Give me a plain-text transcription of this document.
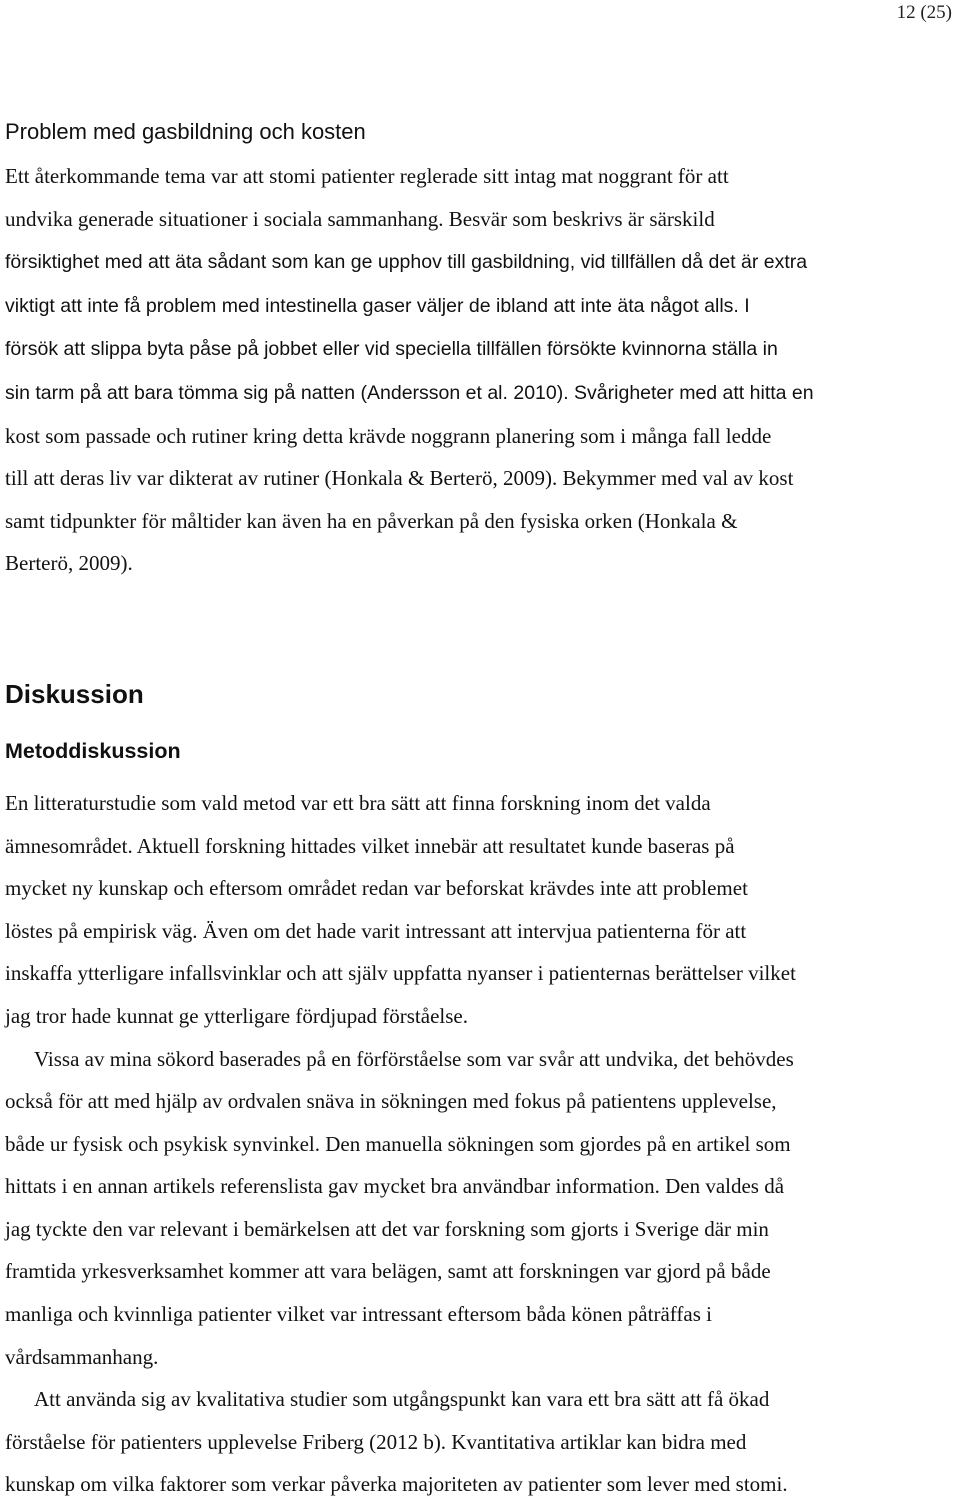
12 (25)
Problem med gasbildning och kosten

Ett återkommande tema var att stomi patienter reglerade sitt intag mat noggrant för att
undvika generade situationer i sociala sammanhang. Besvär som beskrivs är särskild
försiktighet med att äta sådant som kan ge upphov till gasbildning, vid tillfällen då det är extra
viktigt att inte få problem med intestinella gaser väljer de ibland att inte äta något alls. I
försök att slippa byta påse på jobbet eller vid speciella tillfällen försökte kvinnorna ställa in
sin tarm på att bara tömma sig på natten (Andersson et al. 2010). Svårigheter med att hitta en
kost som passade och rutiner kring detta krävde noggrann planering som i många fall ledde
till att deras liv var dikterat av rutiner (Honkala & Berterö, 2009). Bekymmer med val av kost
samt tidpunkter för måltider kan även ha en påverkan på den fysiska orken (Honkala &
Berterö, 2009).

Diskussion
Metoddiskussion

En litteraturstudie som vald metod var ett bra sätt att finna forskning inom det valda
ämnesområdet. Aktuell forskning hittades vilket innebär att resultatet kunde baseras på
mycket ny kunskap och eftersom området redan var beforskat krävdes inte att problemet
löstes på empirisk väg. Även om det hade varit intressant att intervjua patienterna för att
inskaffa ytterligare infallsvinklar och att själv uppfatta nyanser i patienternas berättelser vilket
jag tror hade kunnat ge ytterligare fördjupad förståelse.

Vissa av mina sökord baserades på en förförståelse som var svår att undvika, det behövdes
också för att med hjälp av ordvalen snäva in sökningen med fokus på patientens upplevelse,
både ur fysisk och psykisk synvinkel. Den manuella sökningen som gjordes på en artikel som
hittats i en annan artikels referenslista gav mycket bra användbar information. Den valdes då
jag tyckte den var relevant i bemärkelsen att det var forskning som gjorts i Sverige där min
framtida yrkesverksamhet kommer att vara belägen, samt att forskningen var gjord på både
manliga och kvinnliga patienter vilket var intressant eftersom båda könen påträffas i
vårdsammanhang.

Att använda sig av kvalitativa studier som utgångspunkt kan vara ett bra sätt att få ökad
förståelse för patienters upplevelse Friberg (2012 b). Kvantitativa artiklar kan bidra med
kunskap om vilka faktorer som verkar påverka majoriteten av patienter som lever med stomi.
